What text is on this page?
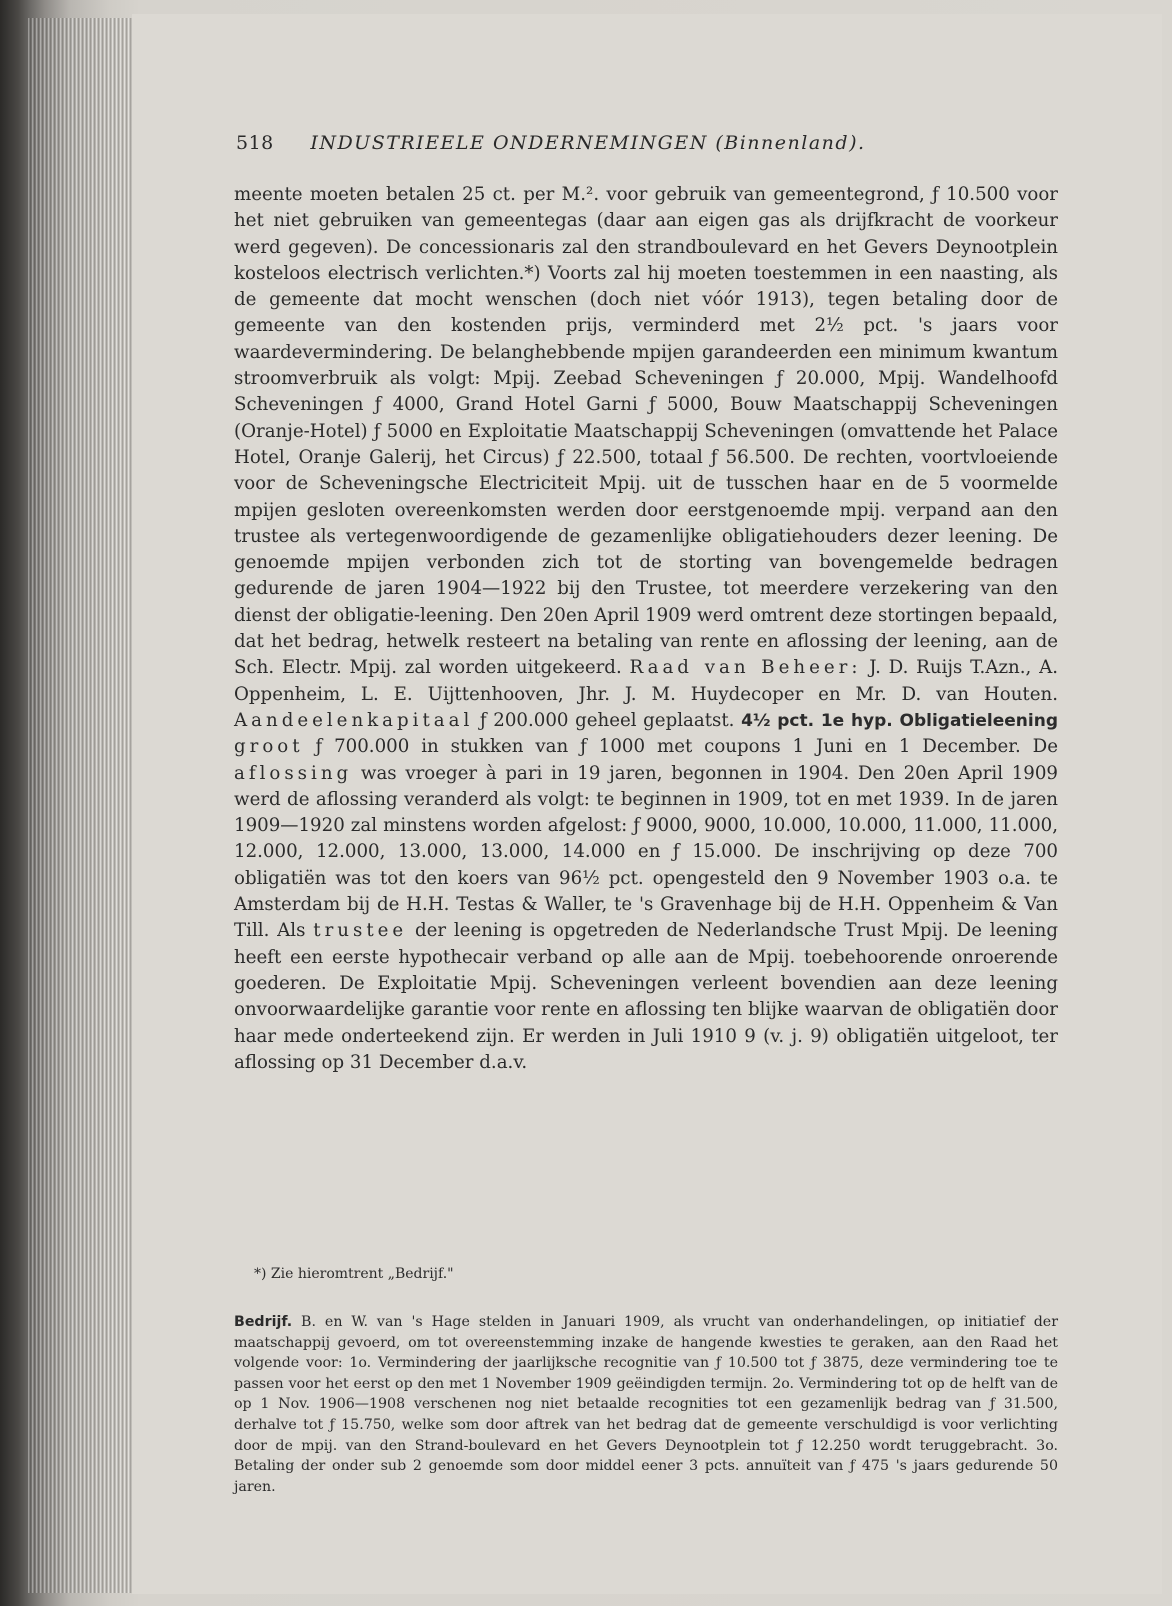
518 INDUSTRIEELE ONDERNEMINGEN (Binnenland).

meente moeten betalen 25 ct. per M.². voor gebruik van gemeentegrond, ƒ 10.500 voor het niet gebruiken van gemeentegas (daar aan eigen gas als drijfkracht de voorkeur werd gegeven). De concessionaris zal den strandboulevard en het Gevers Deynootplein kosteloos electrisch verlichten.*) Voorts zal hij moeten toestemmen in een naasting, als de gemeente dat mocht wenschen (doch niet vóór 1913), tegen betaling door de gemeente van den kostenden prijs, verminderd met 2½ pct. 's jaars voor waardevermindering. De belanghebbende mpijen garandeerden een minimum kwantum stroomverbruik als volgt: Mpij. Zeebad Scheveningen ƒ 20.000, Mpij. Wandelhoofd Scheveningen ƒ 4000, Grand Hotel Garni ƒ 5000, Bouw Maatschappij Scheveningen (Oranje-Hotel) ƒ 5000 en Exploitatie Maatschappij Scheveningen (omvattende het Palace Hotel, Oranje Galerij, het Circus) ƒ 22.500, totaal ƒ 56.500. De rechten, voortvloeiende voor de Scheveningsche Electriciteit Mpij. uit de tusschen haar en de 5 voormelde mpijen gesloten overeenkomsten werden door eerstgenoemde mpij. verpand aan den trustee als vertegenwoordigende de gezamenlijke obligatiehouders dezer leening. De genoemde mpijen verbonden zich tot de storting van bovengemelde bedragen gedurende de jaren 1904—1922 bij den Trustee, tot meerdere verzekering van den dienst der obligatie-leening. Den 20en April 1909 werd omtrent deze stortingen bepaald, dat het bedrag, hetwelk resteert na betaling van rente en aflossing der leening, aan de Sch. Electr. Mpij. zal worden uitgekeerd. Raad van Beheer: J. D. Ruijs T.Azn., A. Oppenheim, L. E. Uijttenhooven, Jhr. J. M. Huydecoper en Mr. D. van Houten. Aandeelenkapitaal ƒ 200.000 geheel geplaatst. 4½ pct. 1e hyp. Obligatieleening groot ƒ 700.000 in stukken van ƒ 1000 met coupons 1 Juni en 1 December. De aflossing was vroeger à pari in 19 jaren, begonnen in 1904. Den 20en April 1909 werd de aflossing veranderd als volgt: te beginnen in 1909, tot en met 1939. In de jaren 1909—1920 zal minstens worden afgelost: ƒ 9000, 9000, 10.000, 10.000, 11.000, 11.000, 12.000, 12.000, 13.000, 13.000, 14.000 en ƒ 15.000. De inschrijving op deze 700 obligatiën was tot den koers van 96½ pct. opengesteld den 9 November 1903 o.a. te Amsterdam bij de H.H. Testas & Waller, te 's Gravenhage bij de H.H. Oppenheim & Van Till. Als trustee der leening is opgetreden de Nederlandsche Trust Mpij. De leening heeft een eerste hypothecair verband op alle aan de Mpij. toebehoorende onroerende goederen. De Exploitatie Mpij. Scheveningen verleent bovendien aan deze leening onvoorwaardelijke garantie voor rente en aflossing ten blijke waarvan de obligatiën door haar mede onderteekend zijn. Er werden in Juli 1910 9 (v. j. 9) obligatiën uitgeloot, ter aflossing op 31 December d.a.v.

*) Zie hieromtrent „Bedrijf."

Bedrijf. B. en W. van 's Hage stelden in Januari 1909, als vrucht van onderhandelingen, op initiatief der maatschappij gevoerd, om tot overeenstemming inzake de hangende kwesties te geraken, aan den Raad het volgende voor: 1o. Vermindering der jaarlijksche recognitie van ƒ 10.500 tot ƒ 3875, deze vermindering toe te passen voor het eerst op den met 1 November 1909 geëindigden termijn. 2o. Vermindering tot op de helft van de op 1 Nov. 1906—1908 verschenen nog niet betaalde recognities tot een gezamenlijk bedrag van ƒ 31.500, derhalve tot ƒ 15.750, welke som door aftrek van het bedrag dat de gemeente verschuldigd is voor verlichting door de mpij. van den Strand-boulevard en het Gevers Deynootplein tot ƒ 12.250 wordt teruggebracht. 3o. Betaling der onder sub 2 genoemde som door middel eener 3 pcts. annuïteit van ƒ 475 's jaars gedurende 50 jaren.
